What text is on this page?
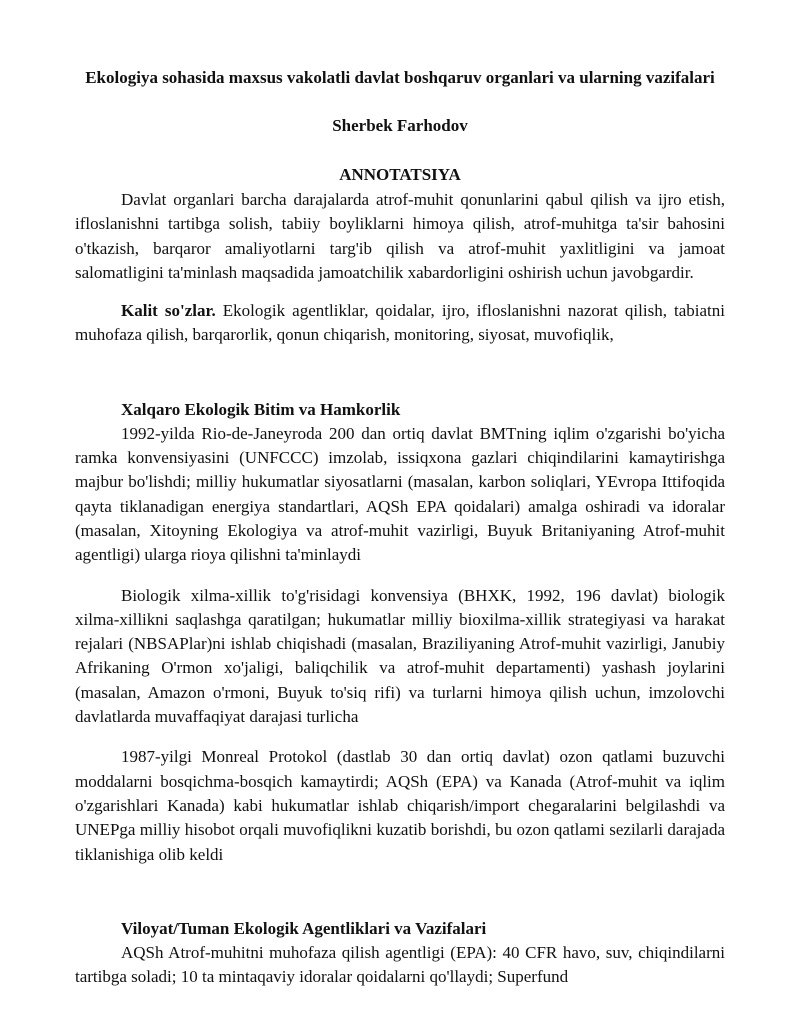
Ekologiya sohasida maxsus vakolatli davlat boshqaruv organlari va ularning vazifalari
Sherbek Farhodov
ANNOTATSIYA

Davlat organlari barcha darajalarda atrof-muhit qonunlarini qabul qilish va ijro etish, ifloslanishni tartibga solish, tabiiy boyliklarni himoya qilish, atrof-muhitga ta'sir bahosini o'tkazish, barqaror amaliyotlarni targ'ib qilish va atrof-muhit yaxlitligini va jamoat salomatligini ta'minlash maqsadida jamoatchilik xabardorligini oshirish uchun javobgardir.

Kalit so'zlar. Ekologik agentliklar, qoidalar, ijro, ifloslanishni nazorat qilish, tabiatni muhofaza qilish, barqarorlik, qonun chiqarish, monitoring, siyosat, muvofiqlik,

Xalqaro Ekologik Bitim va Hamkorlik

1992-yilda Rio-de-Janeyroda 200 dan ortiq davlat BMTning iqlim o'zgarishi bo'yicha ramka konvensiyasini (UNFCCC) imzolab, issiqxona gazlari chiqindilarini kamaytirishga majbur bo'lishdi; milliy hukumatlar siyosatlarni (masalan, karbon soliqlari, YEvropa Ittifoqida qayta tiklanadigan energiya standartlari, AQSh EPA qoidalari) amalga oshiradi va idoralar (masalan, Xitoyning Ekologiya va atrof-muhit vazirligi, Buyuk Britaniyaning Atrof-muhit agentligi) ularga rioya qilishni ta'minlaydi

Biologik xilma-xillik to'g'risidagi konvensiya (BHXK, 1992, 196 davlat) biologik xilma-xillikni saqlashga qaratilgan; hukumatlar milliy bioxilma-xillik strategiyasi va harakat rejalari (NBSAPlar)ni ishlab chiqishadi (masalan, Braziliyaning Atrof-muhit vazirligi, Janubiy Afrikaning O'rmon xo'jaligi, baliqchilik va atrof-muhit departamenti) yashash joylarini (masalan, Amazon o'rmoni, Buyuk to'siq rifi) va turlarni himoya qilish uchun, imzolovchi davlatlarda muvaffaqiyat darajasi turlicha

1987-yilgi Monreal Protokol (dastlab 30 dan ortiq davlat) ozon qatlami buzuvchi moddalarni bosqichma-bosqich kamaytirdi; AQSh (EPA) va Kanada (Atrof-muhit va iqlim o'zgarishlari Kanada) kabi hukumatlar ishlab chiqarish/import chegaralarini belgilashdi va UNEPga milliy hisobot orqali muvofiqlikni kuzatib borishdi, bu ozon qatlami sezilarli darajada tiklanishiga olib keldi

Viloyat/Tuman Ekologik Agentliklari va Vazifalari

AQSh Atrof-muhitni muhofaza qilish agentligi (EPA): 40 CFR havo, suv, chiqindilarni tartibga soladi; 10 ta mintaqaviy idoralar qoidalarni qo'llaydi; Superfund
